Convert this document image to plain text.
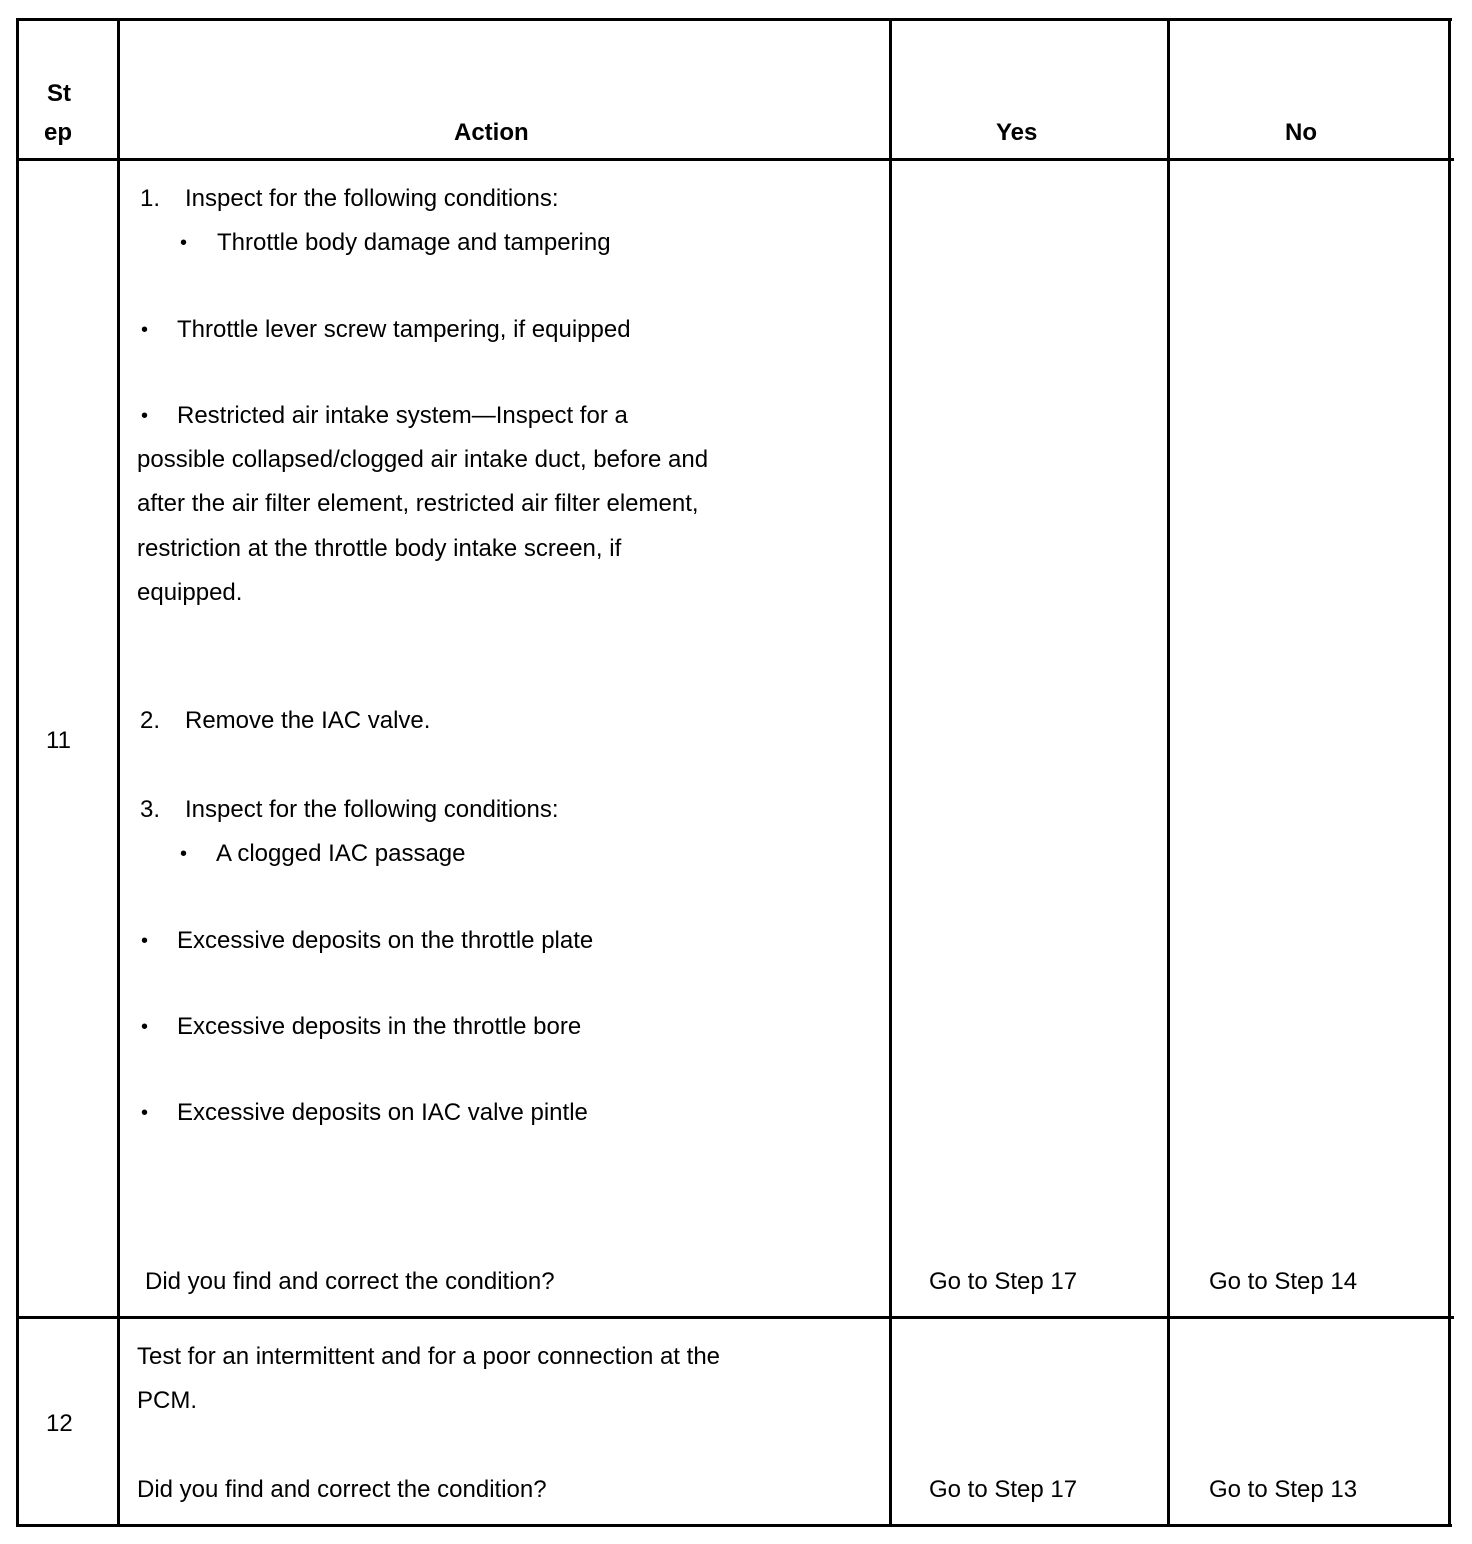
St
ep	Action	Yes	No
11
1. Inspect for the following conditions:
• Throttle body damage and tampering
• Throttle lever screw tampering, if equipped
• Restricted air intake system—Inspect for a
possible collapsed/clogged air intake duct, before and
after the air filter element, restricted air filter element,
restriction at the throttle body intake screen, if
equipped.
2. Remove the IAC valve.
3. Inspect for the following conditions:
• A clogged IAC passage
• Excessive deposits on the throttle plate
• Excessive deposits in the throttle bore
• Excessive deposits on IAC valve pintle
Did you find and correct the condition?	Go to Step 17	Go to Step 14
12
Test for an intermittent and for a poor connection at the
PCM.
Did you find and correct the condition?	Go to Step 17	Go to Step 13
